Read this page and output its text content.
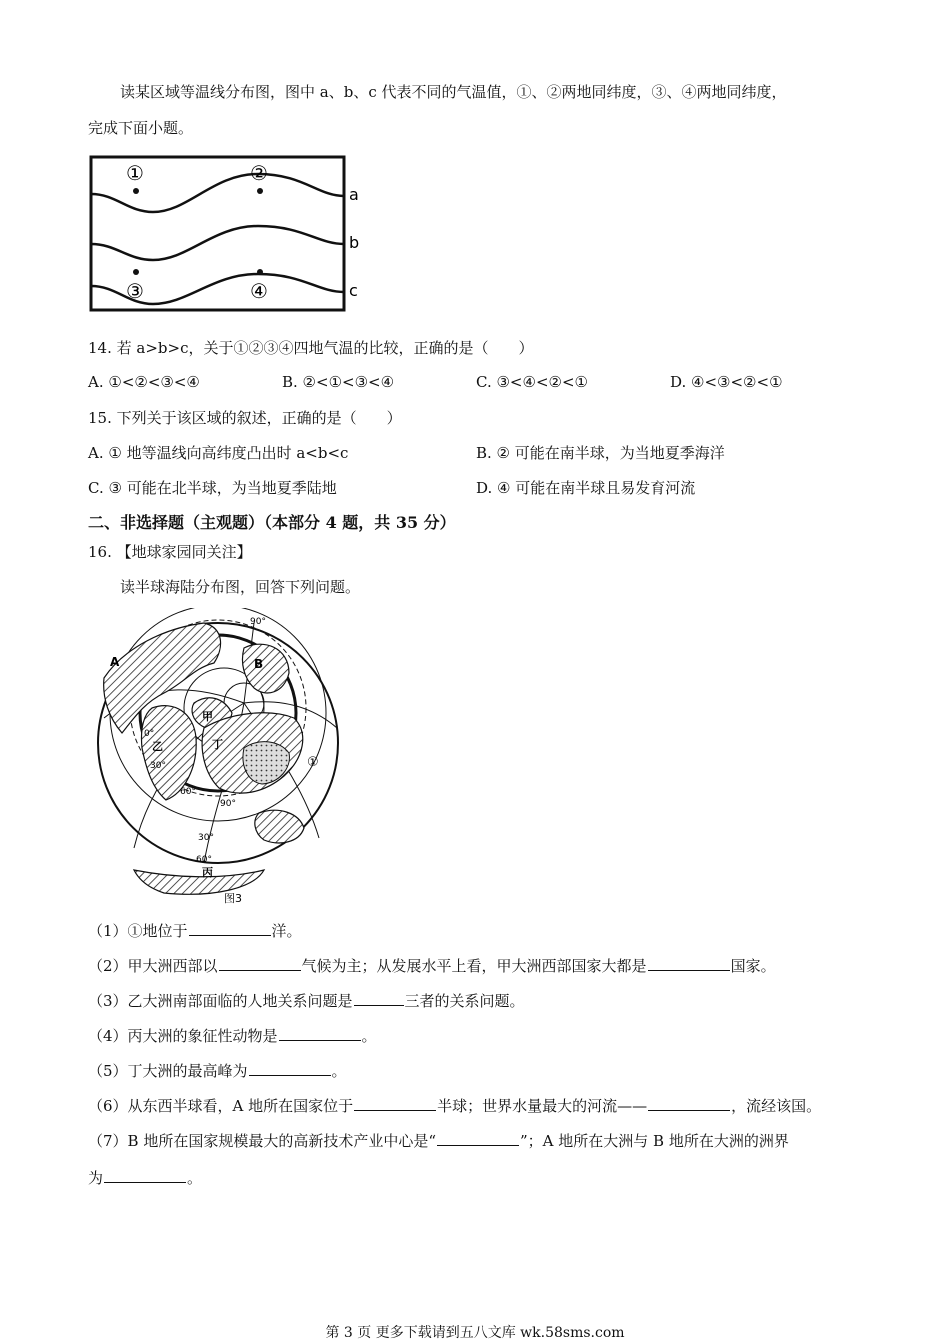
读某区域等温线分布图，图中 a、b、c 代表不同的气温值，①、②两地同纬度，③、④两地同纬度，
完成下面小题。
①	②
③	④
a
b
c
14. 若 a>b>c，关于①②③④四地气温的比较，正确的是（　　）
A. ①<②<③<④	B. ②<①<③<④	C. ③<④<②<①	D. ④<③<②<①
15. 下列关于该区域的叙述，正确的是（　　）
A. ① 地等温线向高纬度凸出时 a<b<c	B. ② 可能在南半球，为当地夏季海洋
C. ③ 可能在北半球，为当地夏季陆地	D. ④ 可能在南半球且易发育河流
二、非选择题（主观题）（本部分 4 题，共 35 分）
16. 【地球家园同关注】
读半球海陆分布图，回答下列问题。
A	B
甲
乙	丁
丙
①
90°
0°
30°
60°
90°
30°
60°
图3
（1）①地位于	洋。
（2）甲大洲西部以	气候为主；从发展水平上看，甲大洲西部国家大都是	国家。
（3）乙大洲南部面临的人地关系问题是	三者的关系问题。
（4）丙大洲的象征性动物是	。
（5）丁大洲的最高峰为	。
（6）从东西半球看，A 地所在国家位于	半球；世界水量最大的河流——	，流经该国。
（7）B 地所在国家规模最大的高新技术产业中心是“	”；A 地所在大洲与 B 地所在大洲的洲界
为	。
第 3 页 更多下载请到五八文库 wk.58sms.com
